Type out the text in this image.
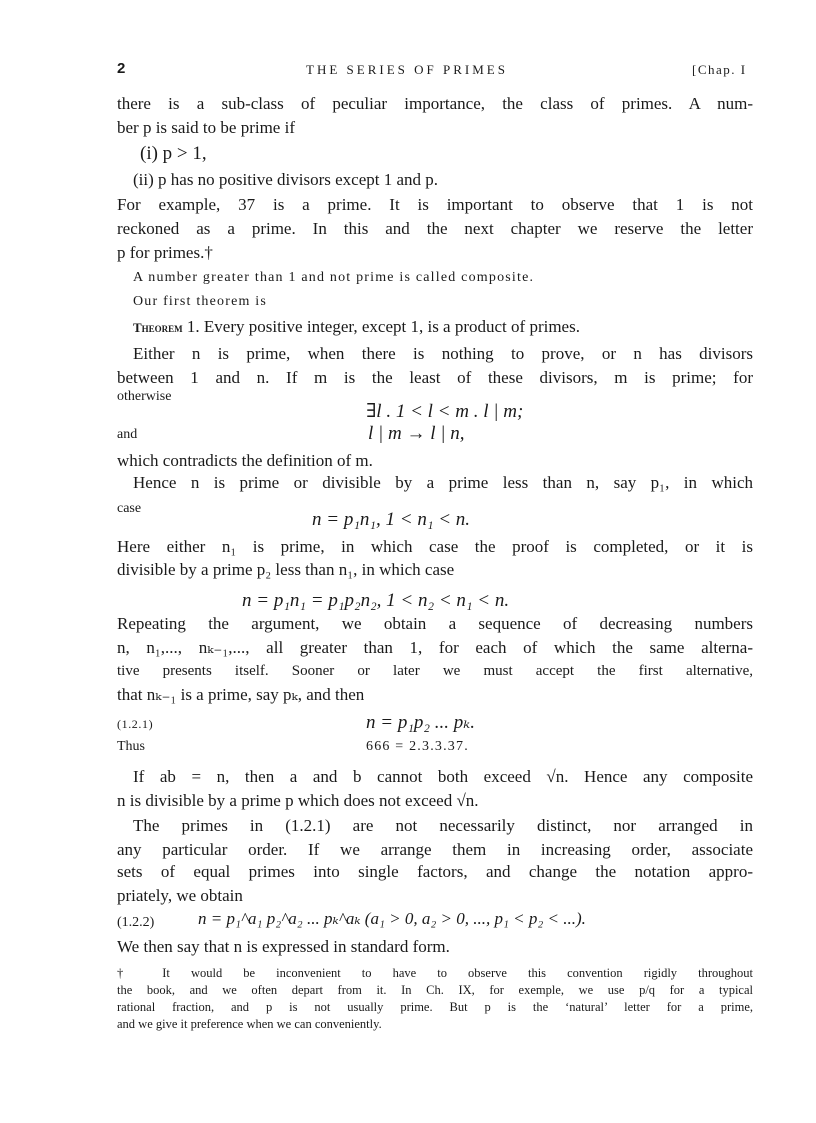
2	THE SERIES OF PRIMES	[Chap. I
there is a sub-class of peculiar importance, the class of primes. A num-
ber p is said to be prime if
(i) p > 1,
(ii) p has no positive divisors except 1 and p.
For example, 37 is a prime. It is important to observe that 1 is not
reckoned as a prime. In this and the next chapter we reserve the letter
p for primes.†
A number greater than 1 and not prime is called composite.
Our first theorem is
Theorem 1. Every positive integer, except 1, is a product of primes.
Either n is prime, when there is nothing to prove, or n has divisors
between 1 and n. If m is the least of these divisors, m is prime; for
otherwise
∃l . 1 < l < m . l | m;
and	l | m → l | n,
which contradicts the definition of m.
Hence n is prime or divisible by a prime less than n, say p₁, in which
case
n = p₁n₁, 1 < n₁ < n.
Here either n₁ is prime, in which case the proof is completed, or it is
divisible by a prime p₂ less than n₁, in which case
n = p₁n₁ = p₁p₂n₂, 1 < n₂ < n₁ < n.
Repeating the argument, we obtain a sequence of decreasing numbers
n, n₁,..., nₖ₋₁,..., all greater than 1, for each of which the same alterna-
tive presents itself. Sooner or later we must accept the first alternative,
that nₖ₋₁ is a prime, say pₖ, and then
(1.2.1)	n = p₁p₂ ... pₖ.
Thus	666 = 2.3.3.37.
If ab = n, then a and b cannot both exceed √n. Hence any composite
n is divisible by a prime p which does not exceed √n.
The primes in (1.2.1) are not necessarily distinct, nor arranged in
any particular order. If we arrange them in increasing order, associate
sets of equal primes into single factors, and change the notation appro-
priately, we obtain
(1.2.2)	n = p₁^a₁ p₂^a₂ ... pₖ^aₖ (a₁ > 0, a₂ > 0, ..., p₁ < p₂ < ...).
We then say that n is expressed in standard form.
† It would be inconvenient to have to observe this convention rigidly throughout
the book, and we often depart from it. In Ch. IX, for exemple, we use p/q for a typical
rational fraction, and p is not usually prime. But p is the ‘natural’ letter for a prime,
and we give it preference when we can conveniently.
